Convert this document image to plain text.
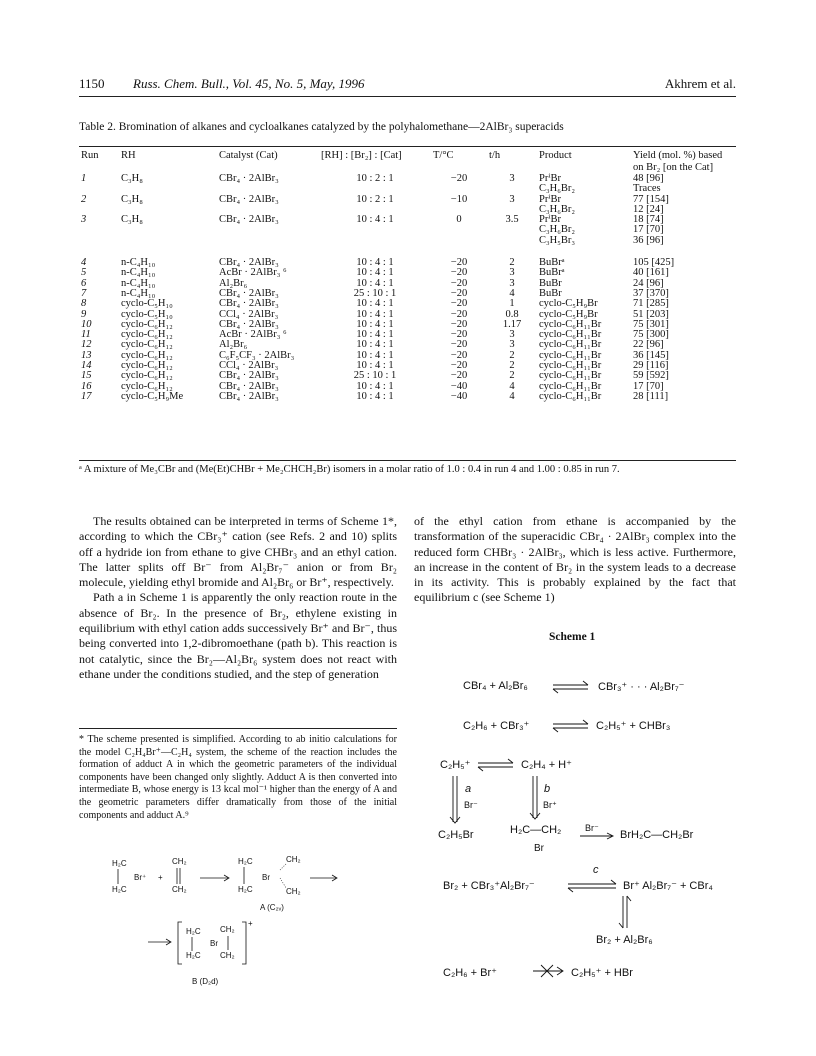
1150 Russ. Chem. Bull., Vol. 45, No. 5, May, 1996	Akhrem et al.
Table 2. Bromination of alkanes and cycloalkanes catalyzed by the polyhalomethane—2AlBr₃ superacids
Run	RH	Catalyst (Cat)	[RH] : [Br₂] : [Cat]	T/°C	t/h	Product	Yield (mol. %) based on Br₂ [on the Cat]
1	C₃H₈	CBr₄ · 2AlBr₃	10 : 2 : 1	−20	3	PrⁱBr	48 [96]
						C₃H₆Br₂	Traces
2	C₃H₈	CBr₄ · 2AlBr₃	10 : 2 : 1	−10	3	PrⁱBr	77 [154]
						C₃H₆Br₂	12 [24]
3	C₃H₈	CBr₄ · 2AlBr₃	10 : 4 : 1	0	3.5	PrⁱBr	18 [74]
						C₃H₆Br₂	17 [70]
						C₃H₅Br₃	36 [96]
4	n-C₄H₁₀	CBr₄ · 2AlBr₃	10 : 4 : 1	−20	2	BuBrᵃ	105 [425]
5	n-C₄H₁₀	AcBr · 2AlBr₃ ⁶	10 : 4 : 1	−20	3	BuBrᵃ	40 [161]
6	n-C₄H₁₀	Al₂Br₆	10 : 4 : 1	−20	3	BuBr	24 [96]
7	n-C₄H₁₀	CBr₄ · 2AlBr₃	25 : 10 : 1	−20	4	BuBr	37 [370]
8	cyclo-C₅H₁₀	CBr₄ · 2AlBr₃	10 : 4 : 1	−20	1	cyclo-C₅H₉Br	71 [285]
9	cyclo-C₅H₁₀	CCl₄ · 2AlBr₃	10 : 4 : 1	−20	0.8	cyclo-C₅H₉Br	51 [203]
10	cyclo-C₆H₁₂	CBr₄ · 2AlBr₃	10 : 4 : 1	−20	1.17	cyclo-C₆H₁₁Br	75 [301]
11	cyclo-C₆H₁₂	AcBr · 2AlBr₃ ⁶	10 : 4 : 1	−20	3	cyclo-C₆H₁₁Br	75 [300]
12	cyclo-C₆H₁₂	Al₂Br₆	10 : 4 : 1	−20	3	cyclo-C₆H₁₁Br	22 [96]
13	cyclo-C₆H₁₂	C₆F₅CF₃ · 2AlBr₃	10 : 4 : 1	−20	2	cyclo-C₆H₁₁Br	36 [145]
14	cyclo-C₆H₁₂	CCl₄ · 2AlBr₃	10 : 4 : 1	−20	2	cyclo-C₆H₁₁Br	29 [116]
15	cyclo-C₆H₁₂	CBr₄ · 2AlBr₃	25 : 10 : 1	−20	2	cyclo-C₆H₁₁Br	59 [592]
16	cyclo-C₆H₁₂	CBr₄ · 2AlBr₃	10 : 4 : 1	−40	4	cyclo-C₆H₁₁Br	17 [70]
17	cyclo-C₅H₉Me	CBr₄ · 2AlBr₃	10 : 4 : 1	−40	4	cyclo-C₆H₁₁Br	28 [111]
ᵃ A mixture of Me₃CBr and (Me(Et)CHBr + Me₂CHCH₂Br) isomers in a molar ratio of 1.0 : 0.4 in run 4 and 1.00 : 0.85 in run 7.

The results obtained can be interpreted in terms of Scheme 1*, according to which the CBr₃⁺ cation (see Refs. 2 and 10) splits off a hydride ion from ethane to give CHBr₃ and an ethyl cation. The latter splits off Br⁻ from Al₂Br₇⁻ anion or from Br₂ molecule, yielding ethyl bromide and Al₂Br₆ or Br⁺, respectively.

Path a in Scheme 1 is apparently the only reaction route in the absence of Br₂. In the presence of Br₂, ethylene existing in equilibrium with ethyl cation adds successively Br⁺ and Br⁻, thus being converted into 1,2-dibromoethane (path b). This reaction is not catalytic, since the Br₂—Al₂Br₆ system does not react with ethane under the conditions studied, and the step of generation

of the ethyl cation from ethane is accompanied by the transformation of the superacidic CBr₄ · 2AlBr₃ complex into the reduced form CHBr₃ · 2AlBr₃, which is less active. Furthermore, an increase in the content of Br₂ in the system leads to a decrease in its activity. This is probably explained by the fact that equilibrium c (see Scheme 1)

* The scheme presented is simplified. According to ab initio calculations for the model C₂H₄Br⁺—C₂H₄ system, the scheme of the reaction includes the formation of adduct A in which the geometric parameters of the individual components have been changed only slightly. Adduct A is then converted into intermediate B, whose energy is 13 kcal mol⁻¹ higher than the energy of A and the geometric parameters differ dramatically from those of the initial components and adduct A.⁹
H₂C
H₂C
Br⁺ +
CH₂
CH₂
H₂C
H₂C
Br
CH₂
CH₂
A (C₂ᵥ)
+
H₂C
H₂C
Br
CH₂
CH₂
B (D₂d)
Scheme 1
CBr₄ + Al₂Br₆	CBr₃⁺ · · · Al₂Br₇⁻
C₂H₆ + CBr₃⁺	C₂H₅⁺ + CHBr₃
C₂H₅⁺	C₂H₄ + H⁺
a
Br⁻
b
Br⁺
C₂H₅Br	H₂C—CH₂
Br
Br⁻
BrH₂C—CH₂Br
Br₂ + CBr₃⁺Al₂Br₇⁻
c
Br⁺ Al₂Br₇⁻ + CBr₄
Br₂ + Al₂Br₆
C₂H₆ + Br⁺	C₂H₅⁺ + HBr
